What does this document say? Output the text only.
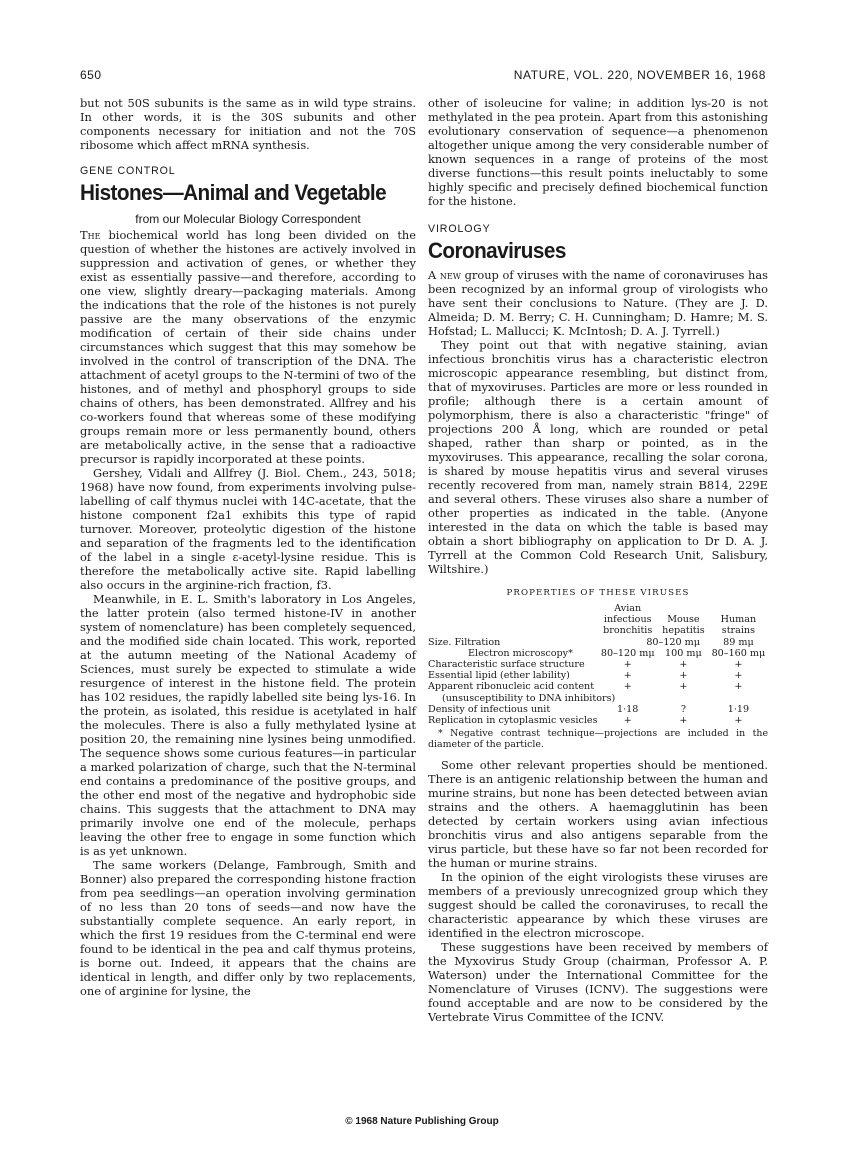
650	NATURE, VOL. 220, NOVEMBER 16, 1968

but not 50S subunits is the same as in wild type strains. In other words, it is the 30S subunits and other components necessary for initiation and not the 70S ribosome which affect mRNA synthesis.

GENE CONTROL
Histones—Animal and Vegetable
from our Molecular Biology Correspondent

The biochemical world has long been divided on the question of whether the histones are actively involved in suppression and activation of genes, or whether they exist as essentially passive—and therefore, according to one view, slightly dreary—packaging materials. Among the indications that the role of the histones is not purely passive are the many observations of the enzymic modification of certain of their side chains under circumstances which suggest that this may somehow be involved in the control of transcription of the DNA. The attachment of acetyl groups to the N-termini of two of the histones, and of methyl and phosphoryl groups to side chains of others, has been demonstrated. Allfrey and his co-workers found that whereas some of these modifying groups remain more or less permanently bound, others are metabolically active, in the sense that a radioactive precursor is rapidly incorporated at these points.

Gershey, Vidali and Allfrey (J. Biol. Chem., 243, 5018; 1968) have now found, from experiments involving pulse-labelling of calf thymus nuclei with 14C-acetate, that the histone component f2a1 exhibits this type of rapid turnover. Moreover, proteolytic digestion of the histone and separation of the fragments led to the identification of the label in a single ε-acetyl-lysine residue. This is therefore the metabolically active site. Rapid labelling also occurs in the arginine-rich fraction, f3.

Meanwhile, in E. L. Smith's laboratory in Los Angeles, the latter protein (also termed histone-IV in another system of nomenclature) has been completely sequenced, and the modified side chain located. This work, reported at the autumn meeting of the National Academy of Sciences, must surely be expected to stimulate a wide resurgence of interest in the histone field. The protein has 102 residues, the rapidly labelled site being lys-16. In the protein, as isolated, this residue is acetylated in half the molecules. There is also a fully methylated lysine at position 20, the remaining nine lysines being unmodified. The sequence shows some curious features—in particular a marked polarization of charge, such that the N-terminal end contains a predominance of the positive groups, and the other end most of the negative and hydrophobic side chains. This suggests that the attachment to DNA may primarily involve one end of the molecule, perhaps leaving the other free to engage in some function which is as yet unknown.

The same workers (Delange, Fambrough, Smith and Bonner) also prepared the corresponding histone fraction from pea seedlings—an operation involving germination of no less than 20 tons of seeds—and now have the substantially complete sequence. An early report, in which the first 19 residues from the C-terminal end were found to be identical in the pea and calf thymus proteins, is borne out. Indeed, it appears that the chains are identical in length, and differ only by two replacements, one of arginine for lysine, the

other of isoleucine for valine; in addition lys-20 is not methylated in the pea protein. Apart from this astonishing evolutionary conservation of sequence—a phenomenon altogether unique among the very considerable number of known sequences in a range of proteins of the most diverse functions—this result points ineluctably to some highly specific and precisely defined biochemical function for the histone.

VIROLOGY
Coronaviruses

A new group of viruses with the name of coronaviruses has been recognized by an informal group of virologists who have sent their conclusions to Nature. (They are J. D. Almeida; D. M. Berry; C. H. Cunningham; D. Hamre; M. S. Hofstad; L. Mallucci; K. McIntosh; D. A. J. Tyrrell.)

They point out that with negative staining, avian infectious bronchitis virus has a characteristic electron microscopic appearance resembling, but distinct from, that of myxoviruses. Particles are more or less rounded in profile; although there is a certain amount of polymorphism, there is also a characteristic "fringe" of projections 200 Å long, which are rounded or petal shaped, rather than sharp or pointed, as in the myxoviruses. This appearance, recalling the solar corona, is shared by mouse hepatitis virus and several viruses recently recovered from man, namely strain B814, 229E and several others. These viruses also share a number of other properties as indicated in the table. (Anyone interested in the data on which the table is based may obtain a short bibliography on application to Dr D. A. J. Tyrrell at the Common Cold Research Unit, Salisbury, Wiltshire.)

PROPERTIES OF THESE VIRUSES
	Avian infectious bronchitis	Mouse hepatitis	Human strains
Size. Filtration	80–120 mμ		89 mμ
Electron microscopy*	80–120 mμ	100 mμ	80–160 mμ
Characteristic surface structure	+	+	+
Essential lipid (ether lability)	+	+	+
Apparent ribonucleic acid content	+	+	+
(unsusceptibility to DNA inhibitors)			
Density of infectious unit	1·18	?	1·19
Replication in cytoplasmic vesicles	+	+	+
* Negative contrast technique—projections are included in the diameter of the particle.

Some other relevant properties should be mentioned. There is an antigenic relationship between the human and murine strains, but none has been detected between avian strains and the others. A haemagglutinin has been detected by certain workers using avian infectious bronchitis virus and also antigens separable from the virus particle, but these have so far not been recorded for the human or murine strains.

In the opinion of the eight virologists these viruses are members of a previously unrecognized group which they suggest should be called the coronaviruses, to recall the characteristic appearance by which these viruses are identified in the electron microscope.

These suggestions have been received by members of the Myxovirus Study Group (chairman, Professor A. P. Waterson) under the International Committee for the Nomenclature of Viruses (ICNV). The suggestions were found acceptable and are now to be considered by the Vertebrate Virus Committee of the ICNV.

© 1968 Nature Publishing Group
